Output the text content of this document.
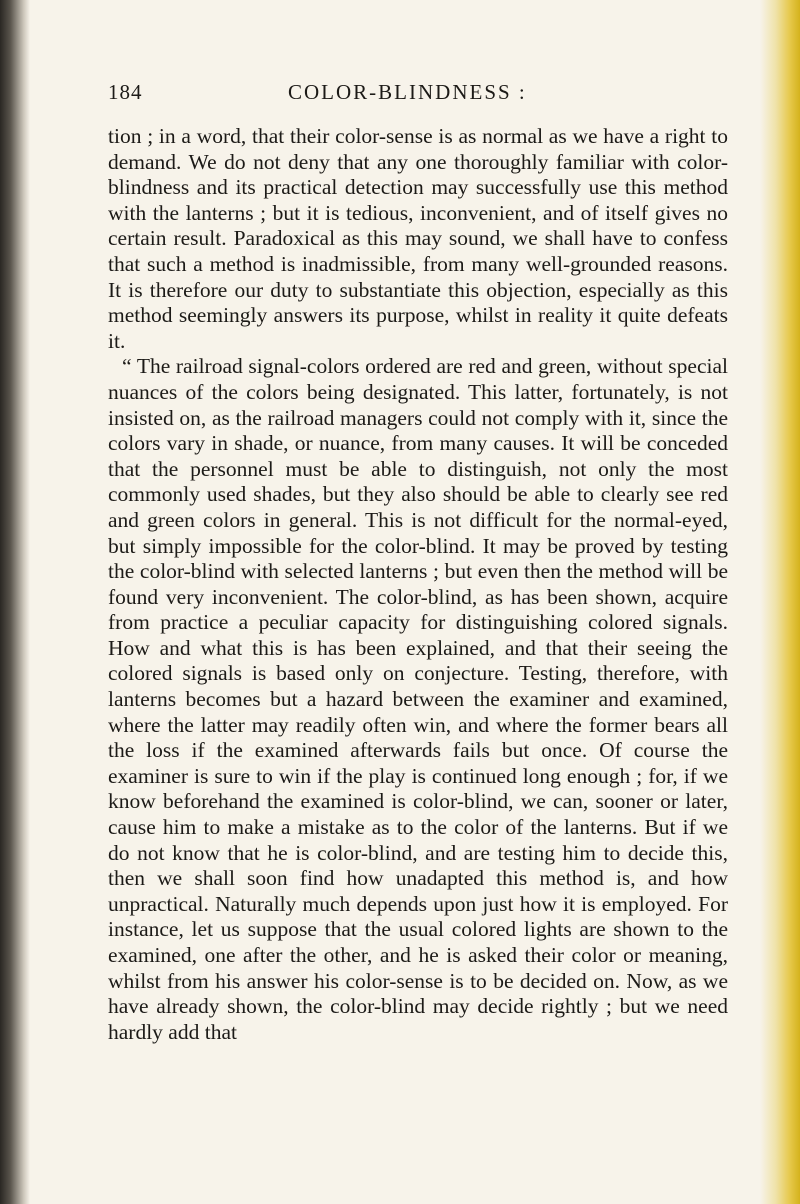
184	COLOR-BLINDNESS :

tion ; in a word, that their color-sense is as normal as we have a right to demand. We do not deny that any one thoroughly familiar with color-blindness and its practical detection may successfully use this method with the lanterns ; but it is tedious, inconvenient, and of itself gives no certain result. Paradoxical as this may sound, we shall have to confess that such a method is inadmissible, from many well-grounded reasons. It is therefore our duty to substantiate this objection, especially as this method seemingly answers its purpose, whilst in reality it quite defeats it.

“ The railroad signal-colors ordered are red and green, without special nuances of the colors being designated. This latter, fortunately, is not insisted on, as the railroad managers could not comply with it, since the colors vary in shade, or nuance, from many causes. It will be conceded that the personnel must be able to distinguish, not only the most commonly used shades, but they also should be able to clearly see red and green colors in general. This is not difficult for the normal-eyed, but simply impossible for the color-blind. It may be proved by testing the color-blind with selected lanterns ; but even then the method will be found very inconvenient. The color-blind, as has been shown, acquire from practice a peculiar capacity for distinguishing colored signals. How and what this is has been explained, and that their seeing the colored signals is based only on conjecture. Testing, therefore, with lanterns becomes but a hazard between the examiner and examined, where the latter may readily often win, and where the former bears all the loss if the examined afterwards fails but once. Of course the examiner is sure to win if the play is continued long enough ; for, if we know beforehand the examined is color-blind, we can, sooner or later, cause him to make a mistake as to the color of the lanterns. But if we do not know that he is color-blind, and are testing him to decide this, then we shall soon find how unadapted this method is, and how unpractical. Naturally much depends upon just how it is employed. For instance, let us suppose that the usual colored lights are shown to the examined, one after the other, and he is asked their color or meaning, whilst from his answer his color-sense is to be decided on. Now, as we have already shown, the color-blind may decide rightly ; but we need hardly add that
